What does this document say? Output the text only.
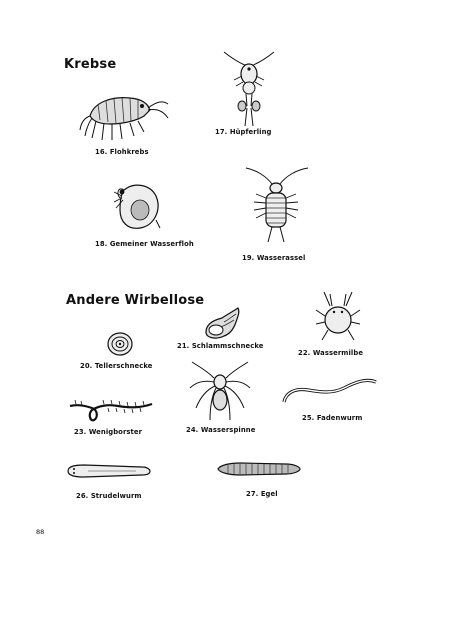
Krebse
Andere Wirbellose
16. Flohkrebs
17. Hüpferling
18. Gemeiner Wasserfloh
19. Wasserassel
20. Tellerschnecke
21. Schlammschnecke
22. Wassermilbe
23. Wenigborster	24. Wasserspinne
25. Fadenwurm
26. Strudelwurm	27. Egel
88
